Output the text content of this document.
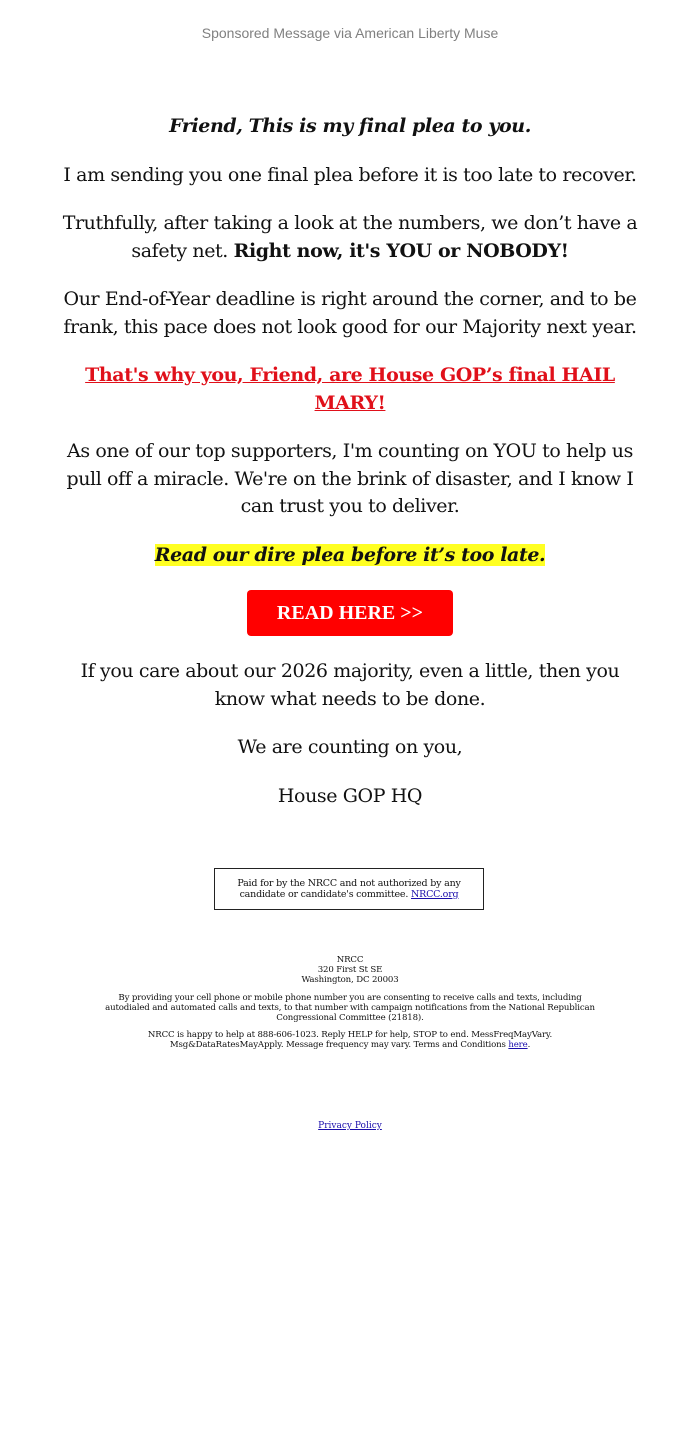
Sponsored Message via American Liberty Muse

Friend, This is my final plea to you.

I am sending you one final plea before it is too late to recover.

Truthfully, after taking a look at the numbers, we don’t have a safety net. Right now, it's YOU or NOBODY!

Our End-of-Year deadline is right around the corner, and to be frank, this pace does not look good for our Majority next year.

That's why you, Friend, are House GOP’s final HAIL MARY!

As one of our top supporters, I'm counting on YOU to help us pull off a miracle. We're on the brink of disaster, and I know I can trust you to deliver.

Read our dire plea before it’s too late.

READ HERE >>

If you care about our 2026 majority, even a little, then you know what needs to be done.

We are counting on you,

House GOP HQ

Paid for by the NRCC and not authorized by any candidate or candidate's committee. NRCC.org

NRCC
320 First St SE
Washington, DC 20003

By providing your cell phone or mobile phone number you are consenting to receive calls and texts, including autodialed and automated calls and texts, to that number with campaign notifications from the National Republican Congressional Committee (21818).

NRCC is happy to help at 888-606-1023. Reply HELP for help, STOP to end. MessFreqMayVary. Msg&DataRatesMayApply. Message frequency may vary. Terms and Conditions here.

Privacy Policy
